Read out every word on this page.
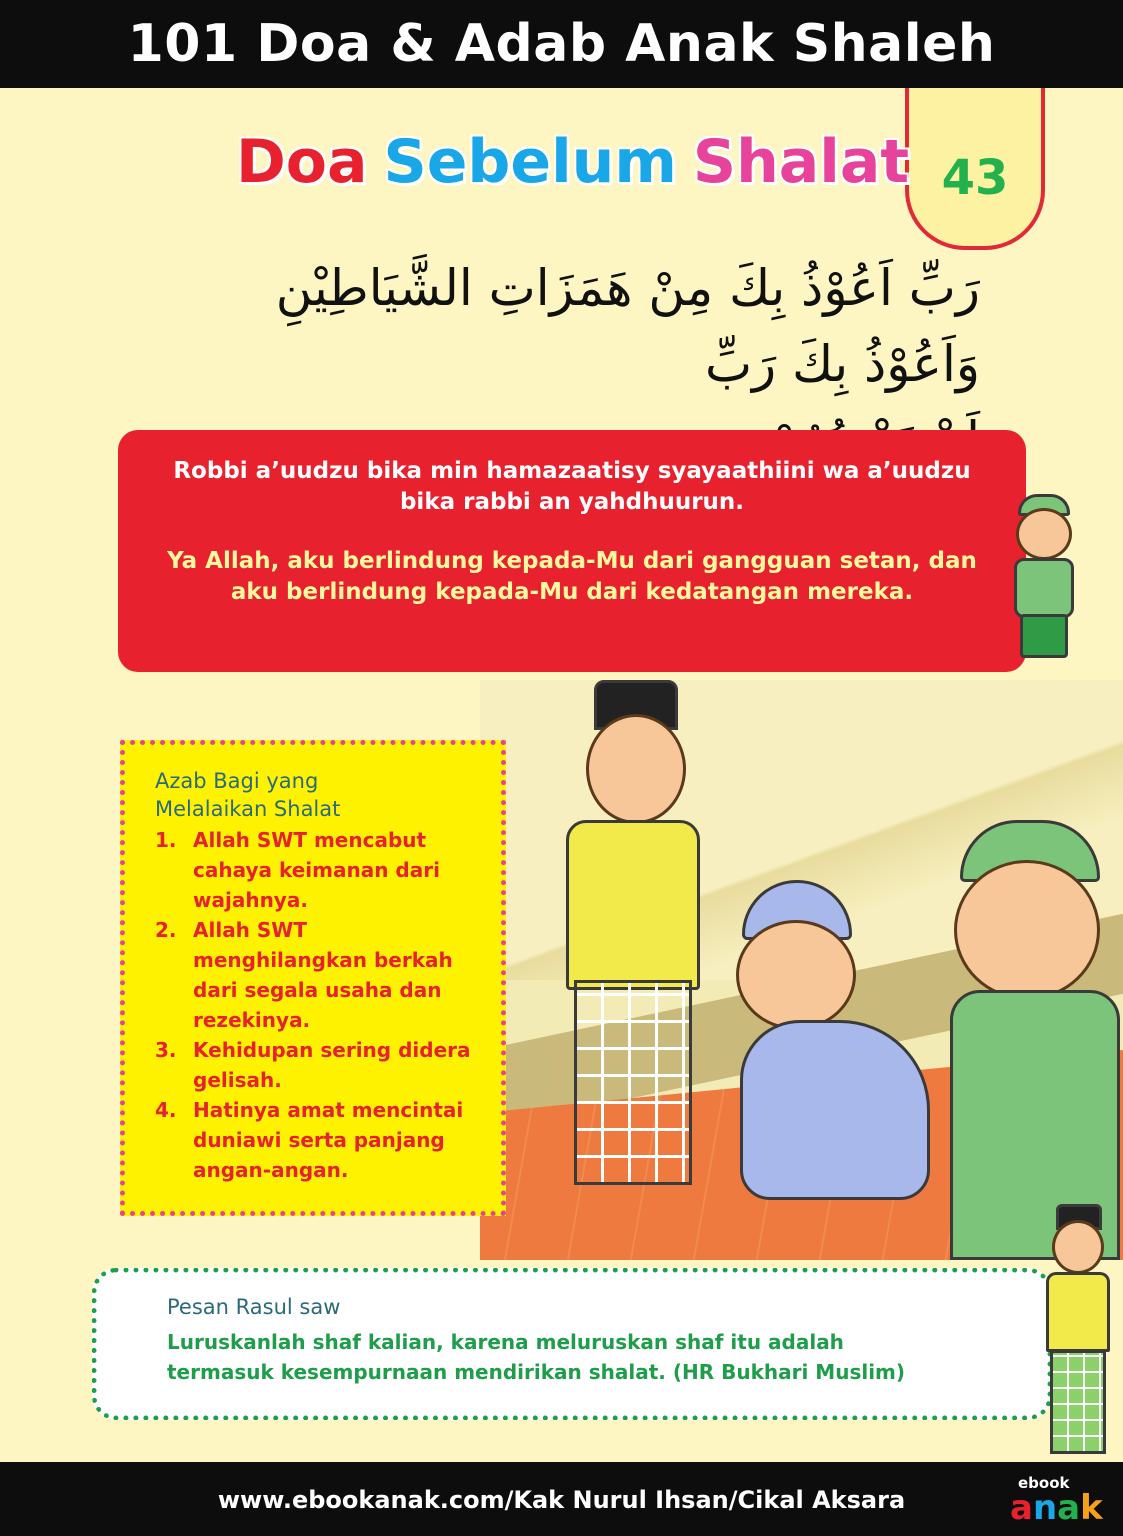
101 Doa & Adab Anak Shaleh
43
Doa Sebelum Shalat
رَبِّ اَعُوْذُ بِكَ مِنْ هَمَزَاتِ الشَّيَاطِيْنِ وَاَعُوْذُ بِكَ رَبِّ
Robbi a’uudzu bika min hamazaatisy syayaathiini wa a’uudzu bika rabbi an yahdhuurun.
Ya Allah, aku berlindung kepada-Mu dari gangguan setan, dan aku berlindung kepada-Mu dari kedatangan mereka.
Azab Bagi yang
Melalaikan Shalat
1. Allah SWT mencabut cahaya keimanan dari wajahnya.
2. Allah SWT menghilangkan berkah dari segala usaha dan rezekinya.
3. Kehidupan sering didera gelisah.
4. Hatinya amat mencintai duniawi serta panjang angan-angan.
Pesan Rasul saw
Luruskanlah shaf kalian, karena meluruskan shaf itu adalah termasuk kesempurnaan mendirikan shalat. (HR Bukhari Muslim)
www.ebookanak.com/Kak Nurul Ihsan/Cikal Aksara
ebook
anak
